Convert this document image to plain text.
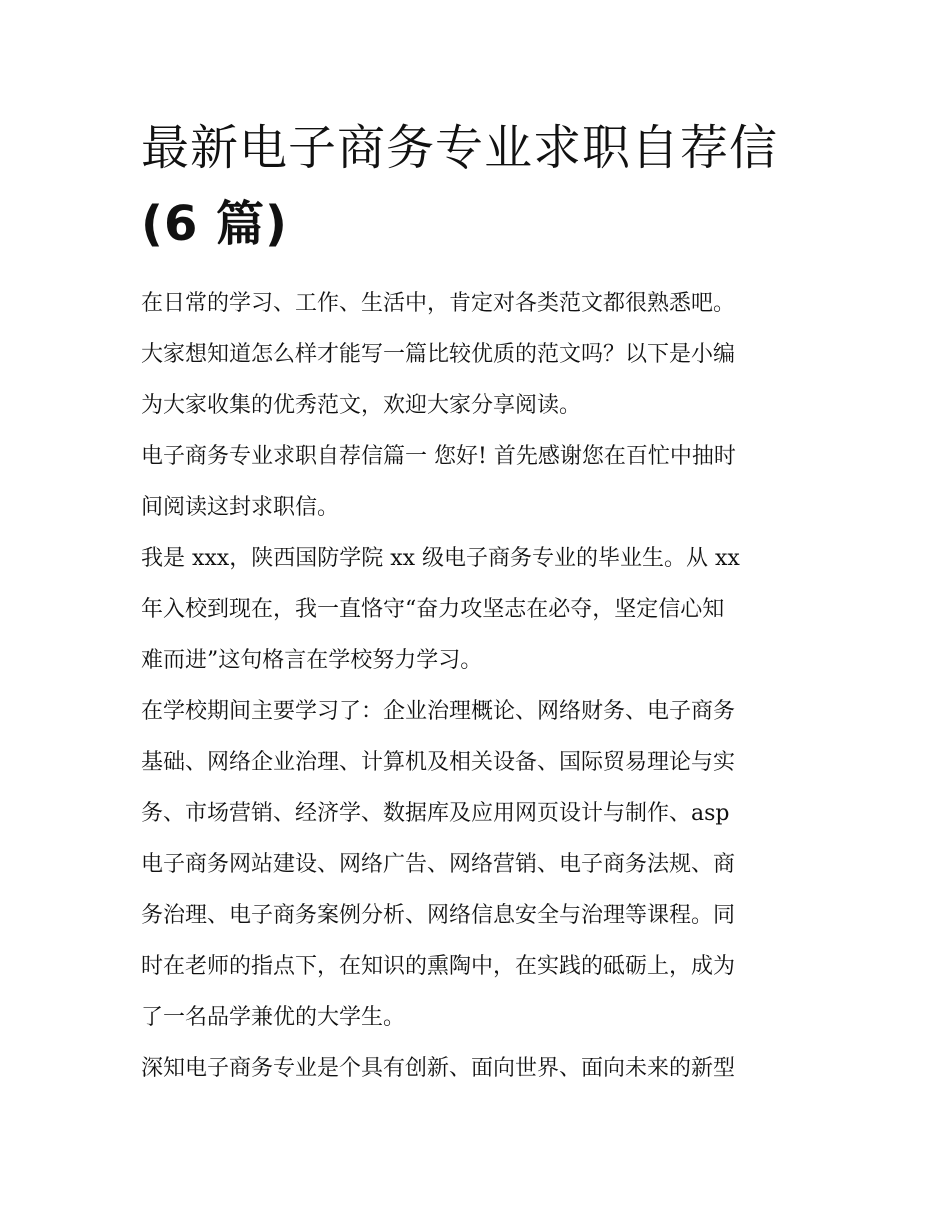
最新电子商务专业求职自荐信
(6 篇)

在日常的学习、工作、生活中，肯定对各类范文都很熟悉吧。
大家想知道怎么样才能写一篇比较优质的范文吗？以下是小编
为大家收集的优秀范文，欢迎大家分享阅读。

电子商务专业求职自荐信篇一 您好! 首先感谢您在百忙中抽时
间阅读这封求职信。

我是 xxx，陕西国防学院 xx 级电子商务专业的毕业生。从 xx
年入校到现在，我一直恪守“奋力攻坚志在必夺，坚定信心知
难而进”这句格言在学校努力学习。

在学校期间主要学习了：企业治理概论、网络财务、电子商务
基础、网络企业治理、计算机及相关设备、国际贸易理论与实
务、市场营销、经济学、数据库及应用网页设计与制作、asp
电子商务网站建设、网络广告、网络营销、电子商务法规、商
务治理、电子商务案例分析、网络信息安全与治理等课程。同
时在老师的指点下，在知识的熏陶中，在实践的砥砺上，成为
了一名品学兼优的大学生。

深知电子商务专业是个具有创新、面向世界、面向未来的新型
